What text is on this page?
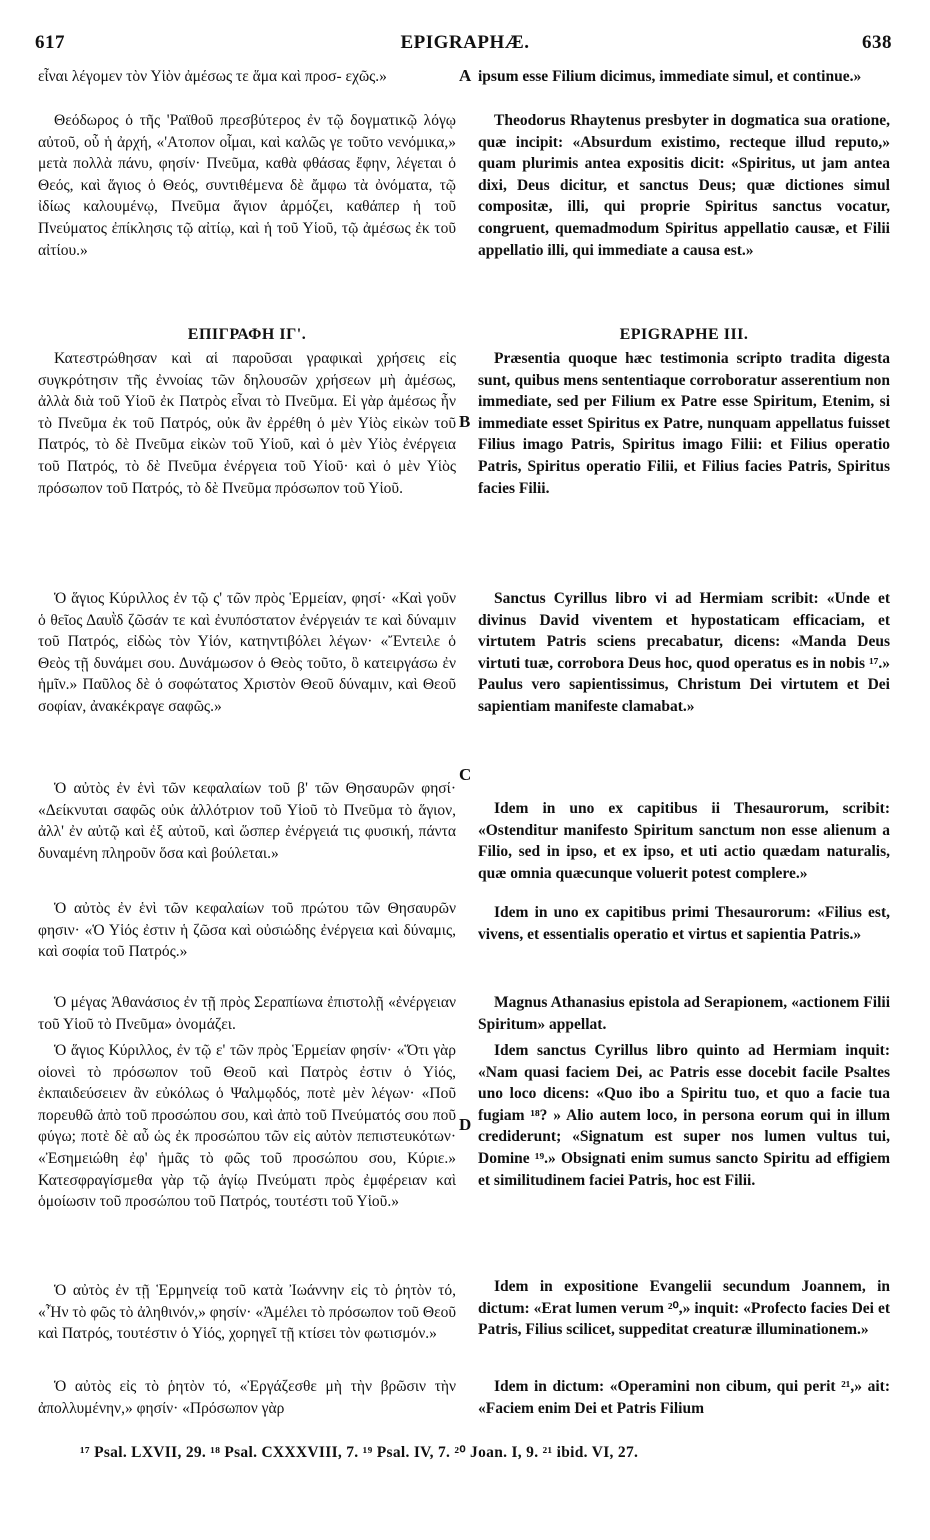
617	EPIGRAPHÆ.	638
A
B
C
D

εἶναι λέγομεν τὸν Υἱὸν ἀμέσως τε ἅμα καὶ προσ- εχῶς.»

Θεόδωρος ὁ τῆς 'Ραϊθοῦ πρεσβύτερος ἐν τῷ δογματικῷ λόγῳ αὐτοῦ, οὗ ἡ ἀρχή, «'Ατοπον οἶμαι, καὶ καλῶς γε τοῦτο νενόμικα,» μετὰ πολλὰ πάνυ, φησίν· Πνεῦμα, καθὰ φθάσας ἔφην, λέγεται ὁ Θεός, καὶ ἅγιος ὁ Θεός, συντιθέμενα δὲ ἄμφω τὰ ὀνόματα, τῷ ἰδίως καλουμένῳ, Πνεῦμα ἅγιον ἁρμόζει, καθάπερ ἡ τοῦ Πνεύματος ἐπίκλησις τῷ αἰτίῳ, καὶ ἡ τοῦ Υἱοῦ, τῷ ἀμέσως ἐκ τοῦ αἰτίου.»

ΕΠΙΓΡΑΦΗ ΙΓ'.

Κατεστρώθησαν καὶ αἱ παροῦσαι γραφικαὶ χρήσεις εἰς συγκρότησιν τῆς ἐννοίας τῶν δηλουσῶν χρήσεων μὴ ἀμέσως, ἀλλὰ διὰ τοῦ Υἱοῦ ἐκ Πατρὸς εἶναι τὸ Πνεῦμα. Εἰ γὰρ ἀμέσως ἦν τὸ Πνεῦμα ἐκ τοῦ Πατρός, οὐκ ἂν ἐρρέθη ὁ μὲν Υἱὸς εἰκὼν τοῦ Πατρός, τὸ δὲ Πνεῦμα εἰκὼν τοῦ Υἱοῦ, καὶ ὁ μὲν Υἱὸς ἐνέργεια τοῦ Πατρός, τὸ δὲ Πνεῦμα ἐνέργεια τοῦ Υἱοῦ· καὶ ὁ μὲν Υἱὸς πρόσωπον τοῦ Πατρός, τὸ δὲ Πνεῦμα πρόσωπον τοῦ Υἱοῦ.

Ὁ ἅγιος Κύριλλος ἐν τῷ ς' τῶν πρὸς Ἑρμείαν, φησί· «Καὶ γοῦν ὁ θεῖος Δαυῒδ ζῶσάν τε καὶ ἐνυπόστατον ἐνέργειάν τε καὶ δύναμιν τοῦ Πατρός, εἰδὼς τὸν Υἱόν, κατηντιβόλει λέγων· «Ἔντειλε ὁ Θεὸς τῇ δυνάμει σου. Δυνάμωσον ὁ Θεὸς τοῦτο, ὃ κατειργάσω ἐν ἡμῖν.» Παῦλος δὲ ὁ σοφώτατος Χριστὸν Θεοῦ δύναμιν, καὶ Θεοῦ σοφίαν, ἀνακέκραγε σαφῶς.»

Ὁ αὐτὸς ἐν ἑνὶ τῶν κεφαλαίων τοῦ β' τῶν Θησαυρῶν φησί· «Δείκνυται σαφῶς οὐκ ἀλλότριον τοῦ Υἱοῦ τὸ Πνεῦμα τὸ ἅγιον, ἀλλ' ἐν αὐτῷ καὶ ἐξ αὐτοῦ, καὶ ὥσπερ ἐνέργειά τις φυσική, πάντα δυναμένη πληροῦν ὅσα καὶ βούλεται.»

Ὁ αὐτὸς ἐν ἑνὶ τῶν κεφαλαίων τοῦ πρώτου τῶν Θησαυρῶν φησιν· «Ὁ Υἱός ἐστιν ἡ ζῶσα καὶ οὐσιώδης ἐνέργεια καὶ δύναμις, καὶ σοφία τοῦ Πατρός.»

Ὁ μέγας Ἀθανάσιος ἐν τῇ πρὸς Σεραπίωνα ἐπιστολῇ «ἐνέργειαν τοῦ Υἱοῦ τὸ Πνεῦμα» ὀνομάζει.

Ὁ ἅγιος Κύριλλος, ἐν τῷ ε' τῶν πρὸς Ἑρμείαν φησίν· «Ὅτι γὰρ οἱονεὶ τὸ πρόσωπον τοῦ Θεοῦ καὶ Πατρὸς ἐστιν ὁ Υἱός, ἐκπαιδεύσειεν ἂν εὐκόλως ὁ Ψαλμῳδός, ποτὲ μὲν λέγων· «Ποῦ πορευθῶ ἀπὸ τοῦ προσώπου σου, καὶ ἀπὸ τοῦ Πνεύματός σου ποῦ φύγω; ποτὲ δὲ αὖ ὡς ἐκ προσώπου τῶν εἰς αὐτὸν πεπιστευκότων· «Ἐσημειώθη ἐφ' ἡμᾶς τὸ φῶς τοῦ προσώπου σου, Κύριε.» Κατεσφραγίσμεθα γὰρ τῷ ἁγίῳ Πνεύματι πρὸς ἐμφέρειαν καὶ ὁμοίωσιν τοῦ προσώπου τοῦ Πατρός, τουτέστι τοῦ Υἱοῦ.»

Ὁ αὐτὸς ἐν τῇ Ἑρμηνείᾳ τοῦ κατὰ Ἰωάννην εἰς τὸ ῥητὸν τό, «Ἦν τὸ φῶς τὸ ἀληθινόν,» φησίν· «Ἀμέλει τὸ πρόσωπον τοῦ Θεοῦ καὶ Πατρός, τουτέστιν ὁ Υἱός, χορηγεῖ τῇ κτίσει τὸν φωτισμόν.»

Ὁ αὐτὸς εἰς τὸ ῥητὸν τό, «Ἐργάζεσθε μὴ τὴν βρῶσιν τὴν ἀπολλυμένην,» φησίν· «Πρόσωπον γὰρ

ipsum esse Filium dicimus, immediate simul, et continue.»

Theodorus Rhaytenus presbyter in dogmatica sua oratione, quæ incipit: «Absurdum existimo, recteque illud reputo,» quam plurimis antea expositis dicit: «Spiritus, ut jam antea dixi, Deus dicitur, et sanctus Deus; quæ dictiones simul compositæ, illi, qui proprie Spiritus sanctus vocatur, congruent, quemadmodum Spiritus appellatio causæ, et Filii appellatio illi, qui immediate a causa est.»

EPIGRAPHE III.

Præsentia quoque hæc testimonia scripto tradita digesta sunt, quibus mens sententiaque corroboratur asserentium non immediate, sed per Filium ex Patre esse Spiritum, Etenim, si immediate esset Spiritus ex Patre, nunquam appellatus fuisset Filius imago Patris, Spiritus imago Filii: et Filius operatio Patris, Spiritus operatio Filii, et Filius facies Patris, Spiritus facies Filii.

Sanctus Cyrillus libro vi ad Hermiam scribit: «Unde et divinus David viventem et hypostaticam efficaciam, et virtutem Patris sciens precabatur, dicens: «Manda Deus virtuti tuæ, corrobora Deus hoc, quod operatus es in nobis ¹⁷.» Paulus vero sapientissimus, Christum Dei virtutem et Dei sapientiam manifeste clamabat.»

Idem in uno ex capitibus ii Thesaurorum, scribit: «Ostenditur manifesto Spiritum sanctum non esse alienum a Filio, sed in ipso, et ex ipso, et uti actio quædam naturalis, quæ omnia quæcunque voluerit potest complere.»

Idem in uno ex capitibus primi Thesaurorum: «Filius est, vivens, et essentialis operatio et virtus et sapientia Patris.»

Magnus Athanasius epistola ad Serapionem, «actionem Filii Spiritum» appellat.

Idem sanctus Cyrillus libro quinto ad Hermiam inquit: «Nam quasi faciem Dei, ac Patris esse docebit facile Psaltes uno loco dicens: «Quo ibo a Spiritu tuo, et quo a facie tua fugiam ¹⁸? » Alio autem loco, in persona eorum qui in illum crediderunt; «Signatum est super nos lumen vultus tui, Domine ¹⁹.» Obsignati enim sumus sancto Spiritu ad effigiem et similitudinem faciei Patris, hoc est Filii.

Idem in expositione Evangelii secundum Joannem, in dictum: «Erat lumen verum ²⁰,» inquit: «Profecto facies Dei et Patris, Filius scilicet, suppeditat creaturæ illuminationem.»

Idem in dictum: «Operamini non cibum, qui perit ²¹,» ait: «Faciem enim Dei et Patris Filium

¹⁷ Psal. LXVII, 29. ¹⁸ Psal. CXXXVIII, 7. ¹⁹ Psal. IV, 7. ²⁰ Joan. I, 9. ²¹ ibid. VI, 27.
